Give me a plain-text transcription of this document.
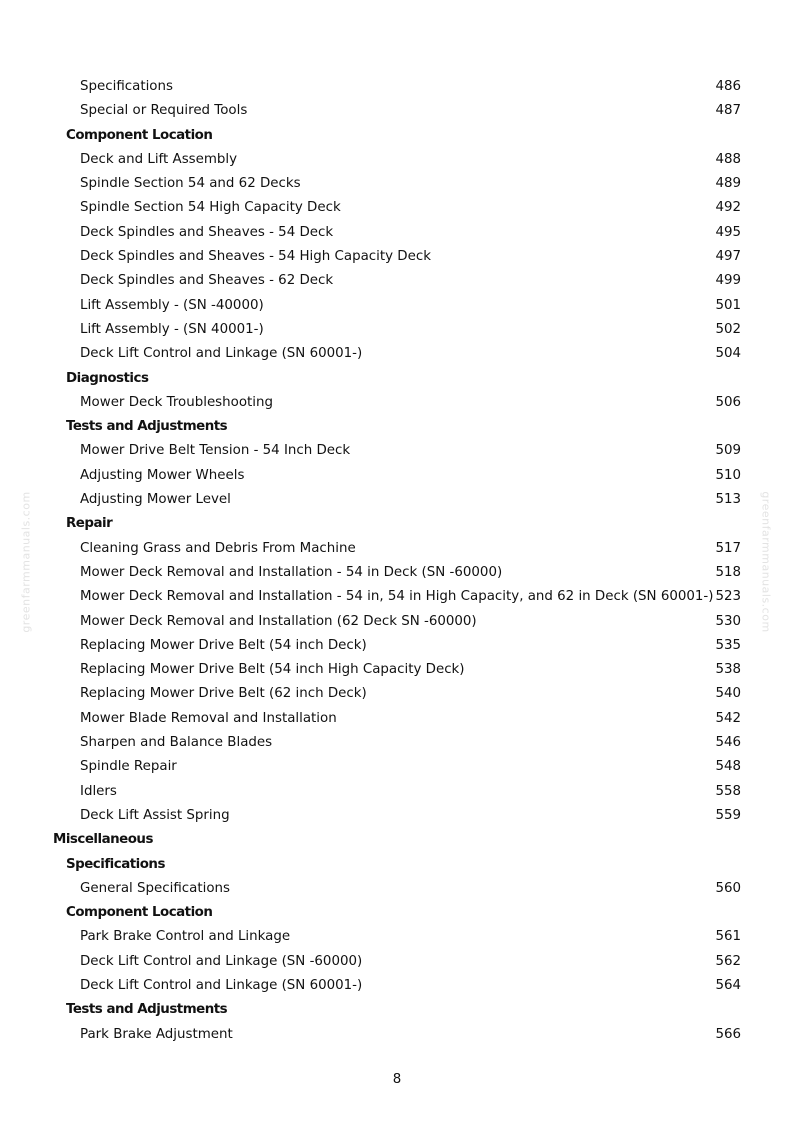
Specifications	486
Special or Required Tools	487
Component Location
Deck and Lift Assembly	488
Spindle Section 54 and 62 Decks	489
Spindle Section 54 High Capacity Deck	492
Deck Spindles and Sheaves - 54 Deck	495
Deck Spindles and Sheaves - 54 High Capacity Deck	497
Deck Spindles and Sheaves - 62 Deck	499
Lift Assembly - (SN -40000)	501
Lift Assembly - (SN 40001-)	502
Deck Lift Control and Linkage (SN 60001-)	504
Diagnostics
Mower Deck Troubleshooting	506
Tests and Adjustments
Mower Drive Belt Tension - 54 Inch Deck	509
Adjusting Mower Wheels	510
Adjusting Mower Level	513
Repair
Cleaning Grass and Debris From Machine	517
Mower Deck Removal and Installation - 54 in Deck (SN -60000)	518
Mower Deck Removal and Installation - 54 in, 54 in High Capacity, and 62 in Deck (SN 60001-) 523
Mower Deck Removal and Installation (62 Deck SN -60000)	530
Replacing Mower Drive Belt (54 inch Deck)	535
Replacing Mower Drive Belt (54 inch High Capacity Deck)	538
Replacing Mower Drive Belt (62 inch Deck)	540
Mower Blade Removal and Installation	542
Sharpen and Balance Blades	546
Spindle Repair	548
Idlers	558
Deck Lift Assist Spring	559
Miscellaneous
Specifications
General Specifications	560
Component Location
Park Brake Control and Linkage	561
Deck Lift Control and Linkage (SN -60000)	562
Deck Lift Control and Linkage (SN 60001-)	564
Tests and Adjustments
Park Brake Adjustment	566
8
greenfarmmanuals.com	greenfarmmanuals.com
